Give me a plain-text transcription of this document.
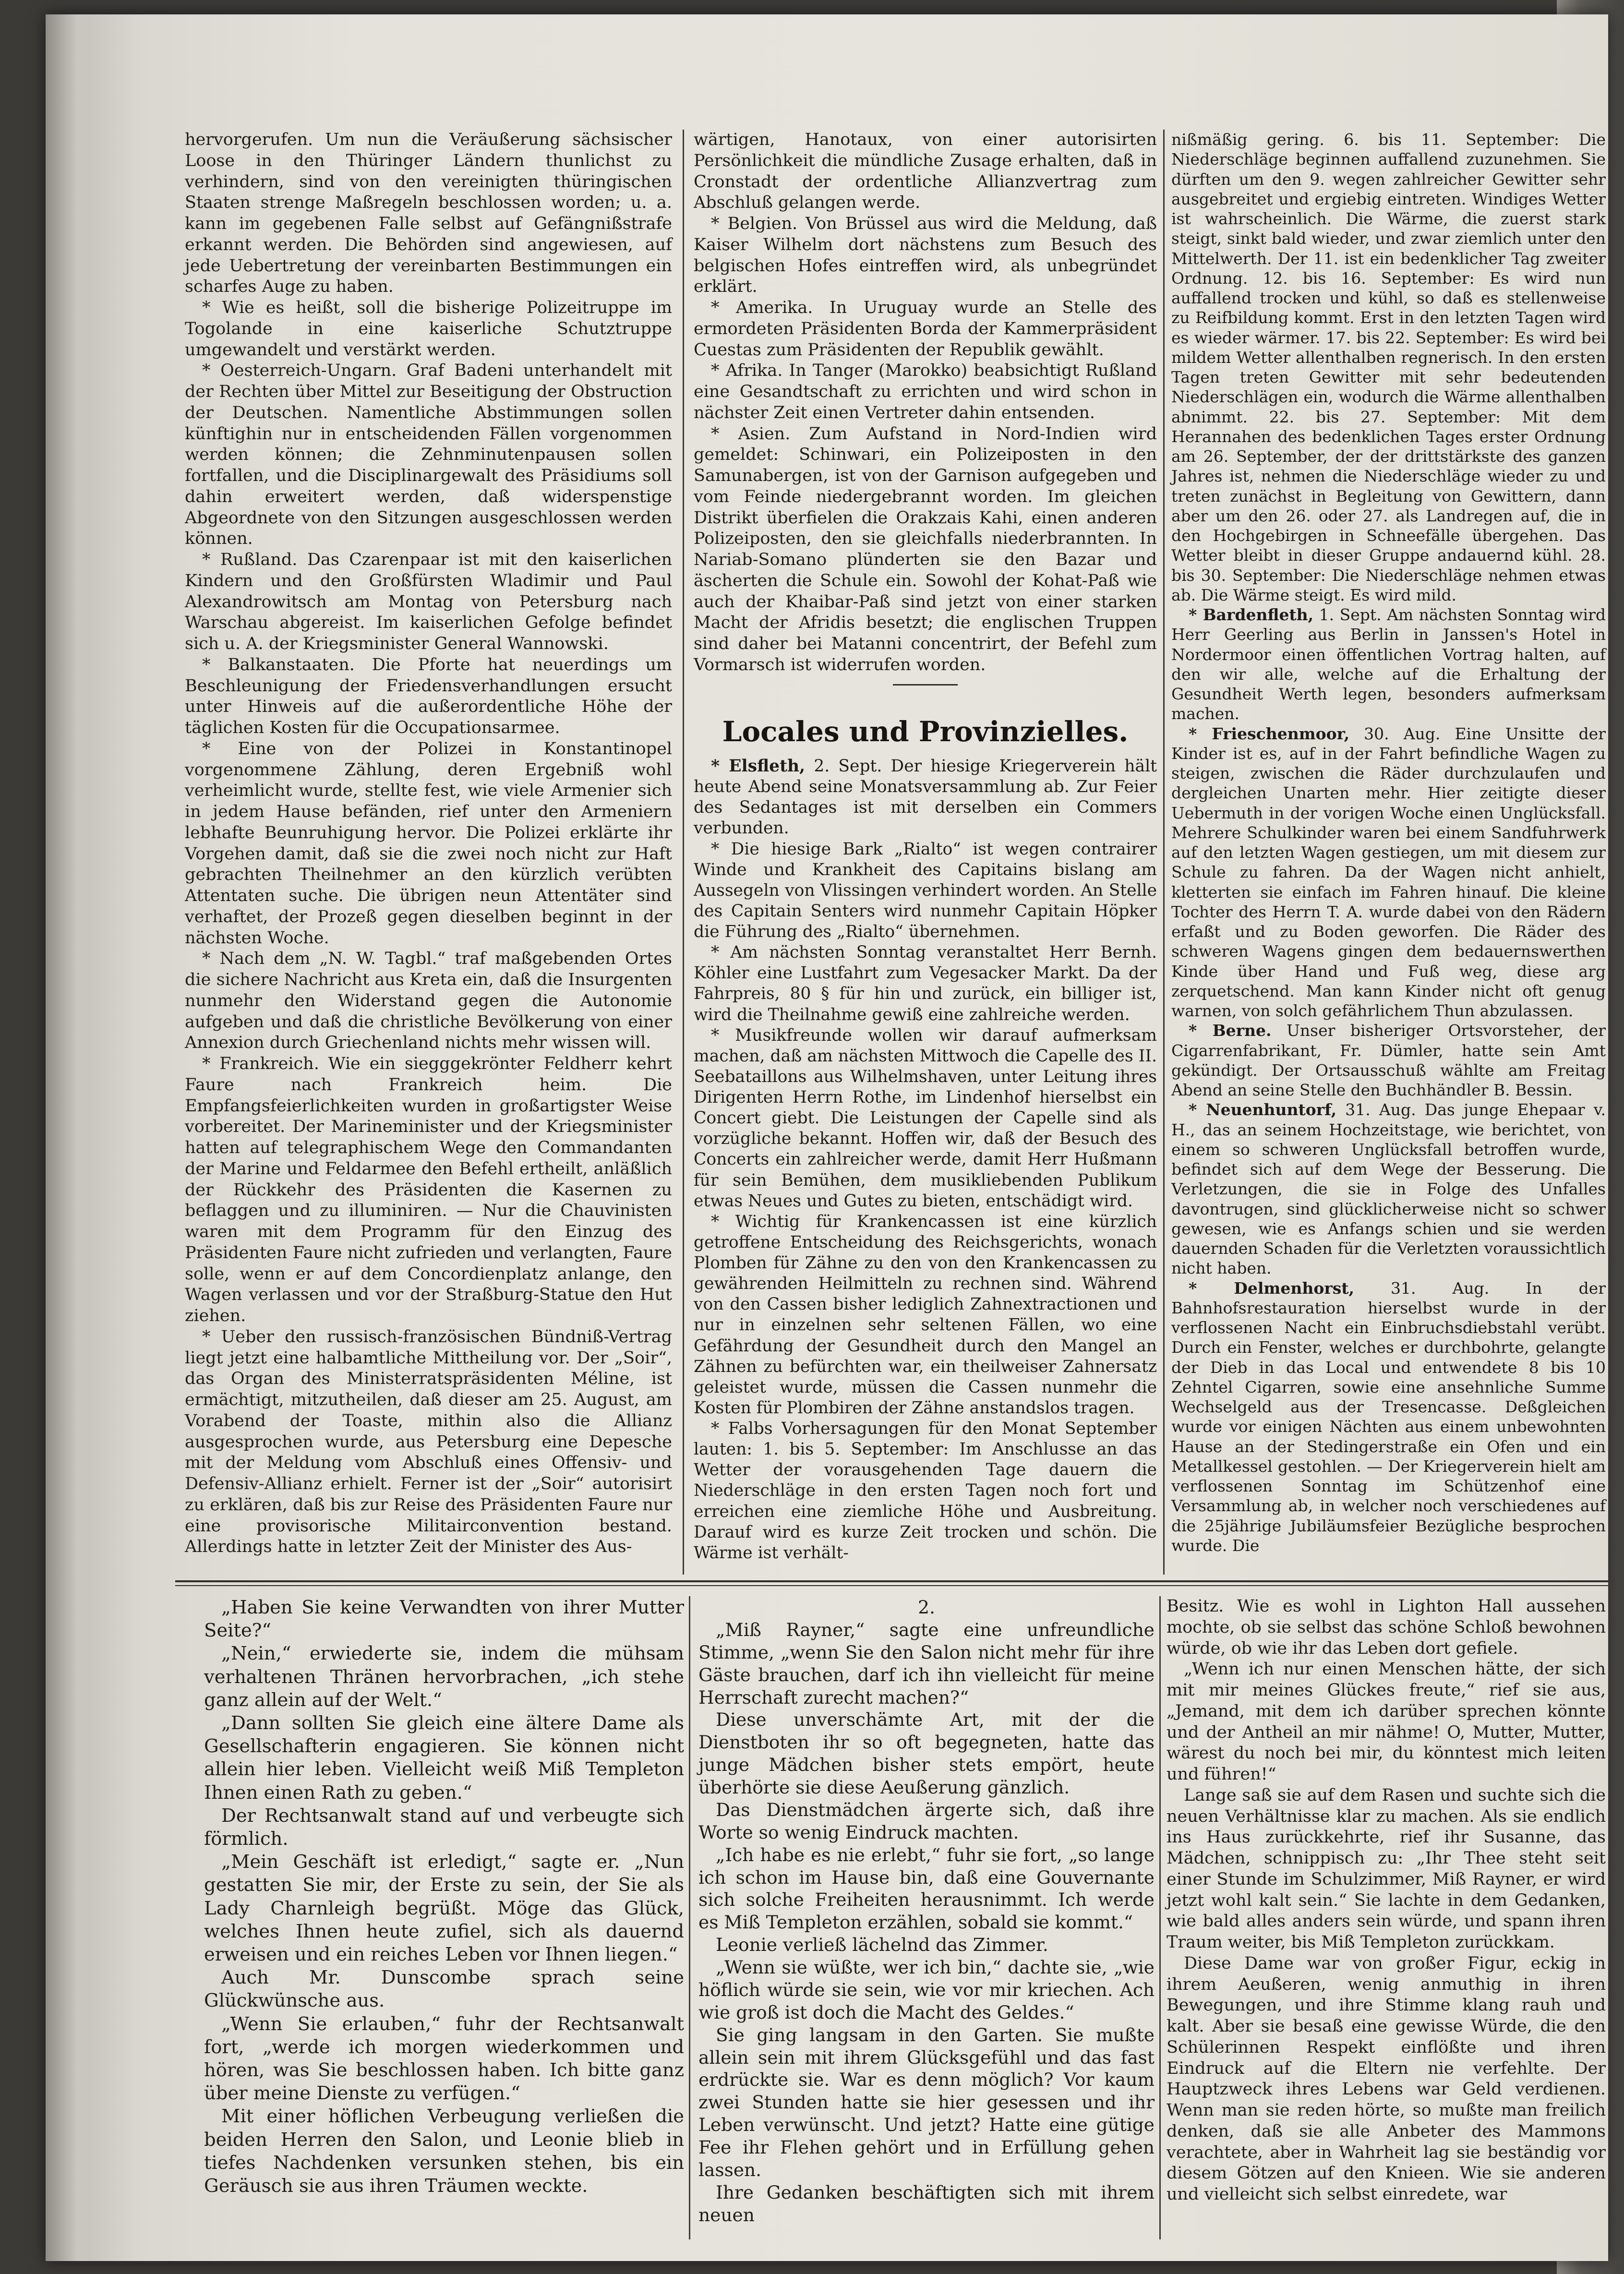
hervorgerufen. Um nun die Veräußerung sächsischer Loose in den Thüringer Ländern thunlichst zu verhindern, sind von den vereinigten thüringischen Staaten strenge Maßregeln beschlossen worden; u. a. kann im gegebenen Falle selbst auf Gefängnißstrafe erkannt werden. Die Behörden sind angewiesen, auf jede Uebertretung der vereinbarten Bestimmungen ein scharfes Auge zu haben.

* Wie es heißt, soll die bisherige Polizeitruppe im Togolande in eine kaiserliche Schutztruppe umgewandelt und verstärkt werden.

* Oesterreich-Ungarn. Graf Badeni unterhandelt mit der Rechten über Mittel zur Beseitigung der Obstruction der Deutschen. Namentliche Abstimmungen sollen künftighin nur in entscheidenden Fällen vorgenommen werden können; die Zehnminutenpausen sollen fortfallen, und die Disciplinargewalt des Präsidiums soll dahin erweitert werden, daß widerspenstige Abgeordnete von den Sitzungen ausgeschlossen werden können.

* Rußland. Das Czarenpaar ist mit den kaiserlichen Kindern und den Großfürsten Wladimir und Paul Alexandrowitsch am Montag von Petersburg nach Warschau abgereist. Im kaiserlichen Gefolge befindet sich u. A. der Kriegsminister General Wannowski.

* Balkanstaaten. Die Pforte hat neuerdings um Beschleunigung der Friedensverhandlungen ersucht unter Hinweis auf die außerordentliche Höhe der täglichen Kosten für die Occupationsarmee.

* Eine von der Polizei in Konstantinopel vorgenommene Zählung, deren Ergebniß wohl verheimlicht wurde, stellte fest, wie viele Armenier sich in jedem Hause befänden, rief unter den Armeniern lebhafte Beunruhigung hervor. Die Polizei erklärte ihr Vorgehen damit, daß sie die zwei noch nicht zur Haft gebrachten Theilnehmer an den kürzlich verübten Attentaten suche. Die übrigen neun Attentäter sind verhaftet, der Prozeß gegen dieselben beginnt in der nächsten Woche.

* Nach dem „N. W. Tagbl.“ traf maßgebenden Ortes die sichere Nachricht aus Kreta ein, daß die Insurgenten nunmehr den Widerstand gegen die Autonomie aufgeben und daß die christliche Bevölkerung von einer Annexion durch Griechenland nichts mehr wissen will.

* Frankreich. Wie ein siegggekrönter Feldherr kehrt Faure nach Frankreich heim. Die Empfangsfeierlichkeiten wurden in großartigster Weise vorbereitet. Der Marineminister und der Kriegsminister hatten auf telegraphischem Wege den Commandanten der Marine und Feldarmee den Befehl ertheilt, anläßlich der Rückkehr des Präsidenten die Kasernen zu beflaggen und zu illuminiren. — Nur die Chauvinisten waren mit dem Programm für den Einzug des Präsidenten Faure nicht zufrieden und verlangten, Faure solle, wenn er auf dem Concordienplatz anlange, den Wagen verlassen und vor der Straßburg-Statue den Hut ziehen.

* Ueber den russisch-französischen Bündniß-Vertrag liegt jetzt eine halbamtliche Mittheilung vor. Der „Soir“, das Organ des Ministerratspräsidenten Méline, ist ermächtigt, mitzutheilen, daß dieser am 25. August, am Vorabend der Toaste, mithin also die Allianz ausgesprochen wurde, aus Petersburg eine Depesche mit der Meldung vom Abschluß eines Offensiv- und Defensiv-Allianz erhielt. Ferner ist der „Soir“ autorisirt zu erklären, daß bis zur Reise des Präsidenten Faure nur eine provisorische Militairconvention bestand. Allerdings hatte in letzter Zeit der Minister des Aus-

wärtigen, Hanotaux, von einer autorisirten Persönlichkeit die mündliche Zusage erhalten, daß in Cronstadt der ordentliche Allianzvertrag zum Abschluß gelangen werde.

* Belgien. Von Brüssel aus wird die Meldung, daß Kaiser Wilhelm dort nächstens zum Besuch des belgischen Hofes eintreffen wird, als unbegründet erklärt.

* Amerika. In Uruguay wurde an Stelle des ermordeten Präsidenten Borda der Kammerpräsident Cuestas zum Präsidenten der Republik gewählt.

* Afrika. In Tanger (Marokko) beabsichtigt Rußland eine Gesandtschaft zu errichten und wird schon in nächster Zeit einen Vertreter dahin entsenden.

* Asien. Zum Aufstand in Nord-Indien wird gemeldet: Schinwari, ein Polizeiposten in den Samunabergen, ist von der Garnison aufgegeben und vom Feinde niedergebrannt worden. Im gleichen Distrikt überfielen die Orakzais Kahi, einen anderen Polizeiposten, den sie gleichfalls niederbrannten. In Nariab-Somano plünderten sie den Bazar und äscherten die Schule ein. Sowohl der Kohat-Paß wie auch der Khaibar-Paß sind jetzt von einer starken Macht der Afridis besetzt; die englischen Truppen sind daher bei Matanni concentrirt, der Befehl zum Vormarsch ist widerrufen worden.

Locales und Provinzielles.

* Elsfleth, 2. Sept. Der hiesige Kriegerverein hält heute Abend seine Monatsversammlung ab. Zur Feier des Sedantages ist mit derselben ein Commers verbunden.

* Die hiesige Bark „Rialto“ ist wegen contrairer Winde und Krankheit des Capitains bislang am Aussegeln von Vlissingen verhindert worden. An Stelle des Capitain Senters wird nunmehr Capitain Höpker die Führung des „Rialto“ übernehmen.

* Am nächsten Sonntag veranstaltet Herr Bernh. Köhler eine Lustfahrt zum Vegesacker Markt. Da der Fahrpreis, 80 § für hin und zurück, ein billiger ist, wird die Theilnahme gewiß eine zahlreiche werden.

* Musikfreunde wollen wir darauf aufmerksam machen, daß am nächsten Mittwoch die Capelle des II. Seebataillons aus Wilhelmshaven, unter Leitung ihres Dirigenten Herrn Rothe, im Lindenhof hierselbst ein Concert giebt. Die Leistungen der Capelle sind als vorzügliche bekannt. Hoffen wir, daß der Besuch des Concerts ein zahlreicher werde, damit Herr Hußmann für sein Bemühen, dem musikliebenden Publikum etwas Neues und Gutes zu bieten, entschädigt wird.

* Wichtig für Krankencassen ist eine kürzlich getroffene Entscheidung des Reichsgerichts, wonach Plomben für Zähne zu den von den Krankencassen zu gewährenden Heilmitteln zu rechnen sind. Während von den Cassen bisher lediglich Zahnextractionen und nur in einzelnen sehr seltenen Fällen, wo eine Gefährdung der Gesundheit durch den Mangel an Zähnen zu befürchten war, ein theilweiser Zahnersatz geleistet wurde, müssen die Cassen nunmehr die Kosten für Plombiren der Zähne anstandslos tragen.

* Falbs Vorhersagungen für den Monat September lauten: 1. bis 5. September: Im Anschlusse an das Wetter der vorausgehenden Tage dauern die Niederschläge in den ersten Tagen noch fort und erreichen eine ziemliche Höhe und Ausbreitung. Darauf wird es kurze Zeit trocken und schön. Die Wärme ist verhält-

nißmäßig gering. 6. bis 11. September: Die Niederschläge beginnen auffallend zuzunehmen. Sie dürften um den 9. wegen zahlreicher Gewitter sehr ausgebreitet und ergiebig eintreten. Windiges Wetter ist wahrscheinlich. Die Wärme, die zuerst stark steigt, sinkt bald wieder, und zwar ziemlich unter den Mittelwerth. Der 11. ist ein bedenklicher Tag zweiter Ordnung. 12. bis 16. September: Es wird nun auffallend trocken und kühl, so daß es stellenweise zu Reifbildung kommt. Erst in den letzten Tagen wird es wieder wärmer. 17. bis 22. September: Es wird bei mildem Wetter allenthalben regnerisch. In den ersten Tagen treten Gewitter mit sehr bedeutenden Niederschlägen ein, wodurch die Wärme allenthalben abnimmt. 22. bis 27. September: Mit dem Herannahen des bedenklichen Tages erster Ordnung am 26. September, der der drittstärkste des ganzen Jahres ist, nehmen die Niederschläge wieder zu und treten zunächst in Begleitung von Gewittern, dann aber um den 26. oder 27. als Landregen auf, die in den Hochgebirgen in Schneefälle übergehen. Das Wetter bleibt in dieser Gruppe andauernd kühl. 28. bis 30. September: Die Niederschläge nehmen etwas ab. Die Wärme steigt. Es wird mild.

* Bardenfleth, 1. Sept. Am nächsten Sonntag wird Herr Geerling aus Berlin in Janssen's Hotel in Nordermoor einen öffentlichen Vortrag halten, auf den wir alle, welche auf die Erhaltung der Gesundheit Werth legen, besonders aufmerksam machen.

* Frieschenmoor, 30. Aug. Eine Unsitte der Kinder ist es, auf in der Fahrt befindliche Wagen zu steigen, zwischen die Räder durchzulaufen und dergleichen Unarten mehr. Hier zeitigte dieser Uebermuth in der vorigen Woche einen Unglücksfall. Mehrere Schulkinder waren bei einem Sandfuhrwerk auf den letzten Wagen gestiegen, um mit diesem zur Schule zu fahren. Da der Wagen nicht anhielt, kletterten sie einfach im Fahren hinauf. Die kleine Tochter des Herrn T. A. wurde dabei von den Rädern erfaßt und zu Boden geworfen. Die Räder des schweren Wagens gingen dem bedauernswerthen Kinde über Hand und Fuß weg, diese arg zerquetschend. Man kann Kinder nicht oft genug warnen, von solch gefährlichem Thun abzulassen.

* Berne. Unser bisheriger Ortsvorsteher, der Cigarrenfabrikant, Fr. Dümler, hatte sein Amt gekündigt. Der Ortsausschuß wählte am Freitag Abend an seine Stelle den Buchhändler B. Bessin.

* Neuenhuntorf, 31. Aug. Das junge Ehepaar v. H., das an seinem Hochzeitstage, wie berichtet, von einem so schweren Unglücksfall betroffen wurde, befindet sich auf dem Wege der Besserung. Die Verletzungen, die sie in Folge des Unfalles davontrugen, sind glücklicherweise nicht so schwer gewesen, wie es Anfangs schien und sie werden dauernden Schaden für die Verletzten voraussichtlich nicht haben.

* Delmenhorst, 31. Aug. In der Bahnhofsrestauration hierselbst wurde in der verflossenen Nacht ein Einbruchsdiebstahl verübt. Durch ein Fenster, welches er durchbohrte, gelangte der Dieb in das Local und entwendete 8 bis 10 Zehntel Cigarren, sowie eine ansehnliche Summe Wechselgeld aus der Tresencasse. Deßgleichen wurde vor einigen Nächten aus einem unbewohnten Hause an der Stedingerstraße ein Ofen und ein Metallkessel gestohlen. — Der Kriegerverein hielt am verflossenen Sonntag im Schützenhof eine Versammlung ab, in welcher noch verschiedenes auf die 25jährige Jubiläumsfeier Bezügliche besprochen wurde. Die

„Haben Sie keine Verwandten von ihrer Mutter Seite?“

„Nein,“ erwiederte sie, indem die mühsam verhaltenen Thränen hervorbrachen, „ich stehe ganz allein auf der Welt.“

„Dann sollten Sie gleich eine ältere Dame als Gesellschafterin engagieren. Sie können nicht allein hier leben. Vielleicht weiß Miß Templeton Ihnen einen Rath zu geben.“

Der Rechtsanwalt stand auf und verbeugte sich förmlich.

„Mein Geschäft ist erledigt,“ sagte er. „Nun gestatten Sie mir, der Erste zu sein, der Sie als Lady Charnleigh begrüßt. Möge das Glück, welches Ihnen heute zufiel, sich als dauernd erweisen und ein reiches Leben vor Ihnen liegen.“

Auch Mr. Dunscombe sprach seine Glückwünsche aus.

„Wenn Sie erlauben,“ fuhr der Rechtsanwalt fort, „werde ich morgen wiederkommen und hören, was Sie beschlossen haben. Ich bitte ganz über meine Dienste zu verfügen.“

Mit einer höflichen Verbeugung verließen die beiden Herren den Salon, und Leonie blieb in tiefes Nachdenken versunken stehen, bis ein Geräusch sie aus ihren Träumen weckte.

2.

„Miß Rayner,“ sagte eine unfreundliche Stimme, „wenn Sie den Salon nicht mehr für ihre Gäste brauchen, darf ich ihn vielleicht für meine Herrschaft zurecht machen?“

Diese unverschämte Art, mit der die Dienstboten ihr so oft begegneten, hatte das junge Mädchen bisher stets empört, heute überhörte sie diese Aeußerung gänzlich.

Das Dienstmädchen ärgerte sich, daß ihre Worte so wenig Eindruck machten.

„Ich habe es nie erlebt,“ fuhr sie fort, „so lange ich schon im Hause bin, daß eine Gouvernante sich solche Freiheiten herausnimmt. Ich werde es Miß Templeton erzählen, sobald sie kommt.“

Leonie verließ lächelnd das Zimmer.

„Wenn sie wüßte, wer ich bin,“ dachte sie, „wie höflich würde sie sein, wie vor mir kriechen. Ach wie groß ist doch die Macht des Geldes.“

Sie ging langsam in den Garten. Sie mußte allein sein mit ihrem Glücksgefühl und das fast erdrückte sie. War es denn möglich? Vor kaum zwei Stunden hatte sie hier gesessen und ihr Leben verwünscht. Und jetzt? Hatte eine gütige Fee ihr Flehen gehört und in Erfüllung gehen lassen.

Ihre Gedanken beschäftigten sich mit ihrem neuen

Besitz. Wie es wohl in Lighton Hall aussehen mochte, ob sie selbst das schöne Schloß bewohnen würde, ob wie ihr das Leben dort gefiele.

„Wenn ich nur einen Menschen hätte, der sich mit mir meines Glückes freute,“ rief sie aus, „Jemand, mit dem ich darüber sprechen könnte und der Antheil an mir nähme! O, Mutter, Mutter, wärest du noch bei mir, du könntest mich leiten und führen!“

Lange saß sie auf dem Rasen und suchte sich die neuen Verhältnisse klar zu machen. Als sie endlich ins Haus zurückkehrte, rief ihr Susanne, das Mädchen, schnippisch zu: „Ihr Thee steht seit einer Stunde im Schulzimmer, Miß Rayner, er wird jetzt wohl kalt sein.“ Sie lachte in dem Gedanken, wie bald alles anders sein würde, und spann ihren Traum weiter, bis Miß Templeton zurückkam.

Diese Dame war von großer Figur, eckig in ihrem Aeußeren, wenig anmuthig in ihren Bewegungen, und ihre Stimme klang rauh und kalt. Aber sie besaß eine gewisse Würde, die den Schülerinnen Respekt einflößte und ihren Eindruck auf die Eltern nie verfehlte. Der Hauptzweck ihres Lebens war Geld verdienen. Wenn man sie reden hörte, so mußte man freilich denken, daß sie alle Anbeter des Mammons verachtete, aber in Wahrheit lag sie beständig vor diesem Götzen auf den Knieen. Wie sie anderen und vielleicht sich selbst einredete, war
